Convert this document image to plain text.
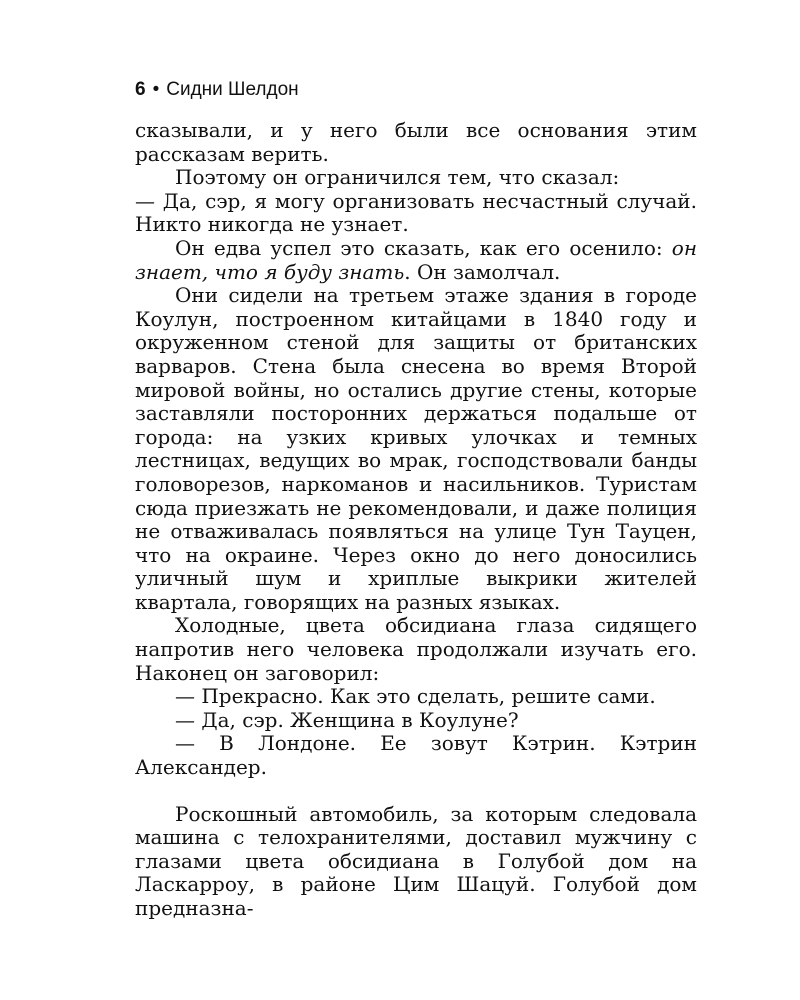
6 • Сидни Шелдон

сказывали, и у него были все основания этим рассказам верить.

Поэтому он ограничился тем, что сказал:

— Да, сэр, я могу организовать несчастный случай. Никто никогда не узнает.

Он едва успел это сказать, как его осенило: он знает, что я буду знать. Он замолчал.

Они сидели на третьем этаже здания в городе Коулун, построенном китайцами в 1840 году и окруженном стеной для защиты от британских варваров. Стена была снесена во время Второй мировой войны, но остались другие стены, которые заставляли посторонних держаться подальше от города: на узких кривых улочках и темных лестницах, ведущих во мрак, господствовали банды головорезов, наркоманов и насильников. Туристам сюда приезжать не рекомендовали, и даже полиция не отваживалась появляться на улице Тун Тауцен, что на окраине. Через окно до него доносились уличный шум и хриплые выкрики жителей квартала, говорящих на разных языках.

Холодные, цвета обсидиана глаза сидящего напротив него человека продолжали изучать его. Наконец он заговорил:

— Прекрасно. Как это сделать, решите сами.

— Да, сэр. Женщина в Коулуне?

— В Лондоне. Ее зовут Кэтрин. Кэтрин Александер.

Роскошный автомобиль, за которым следовала машина с телохранителями, доставил мужчину с глазами цвета обсидиана в Голубой дом на Ласкарроу, в районе Цим Шацуй. Голубой дом предназна-
